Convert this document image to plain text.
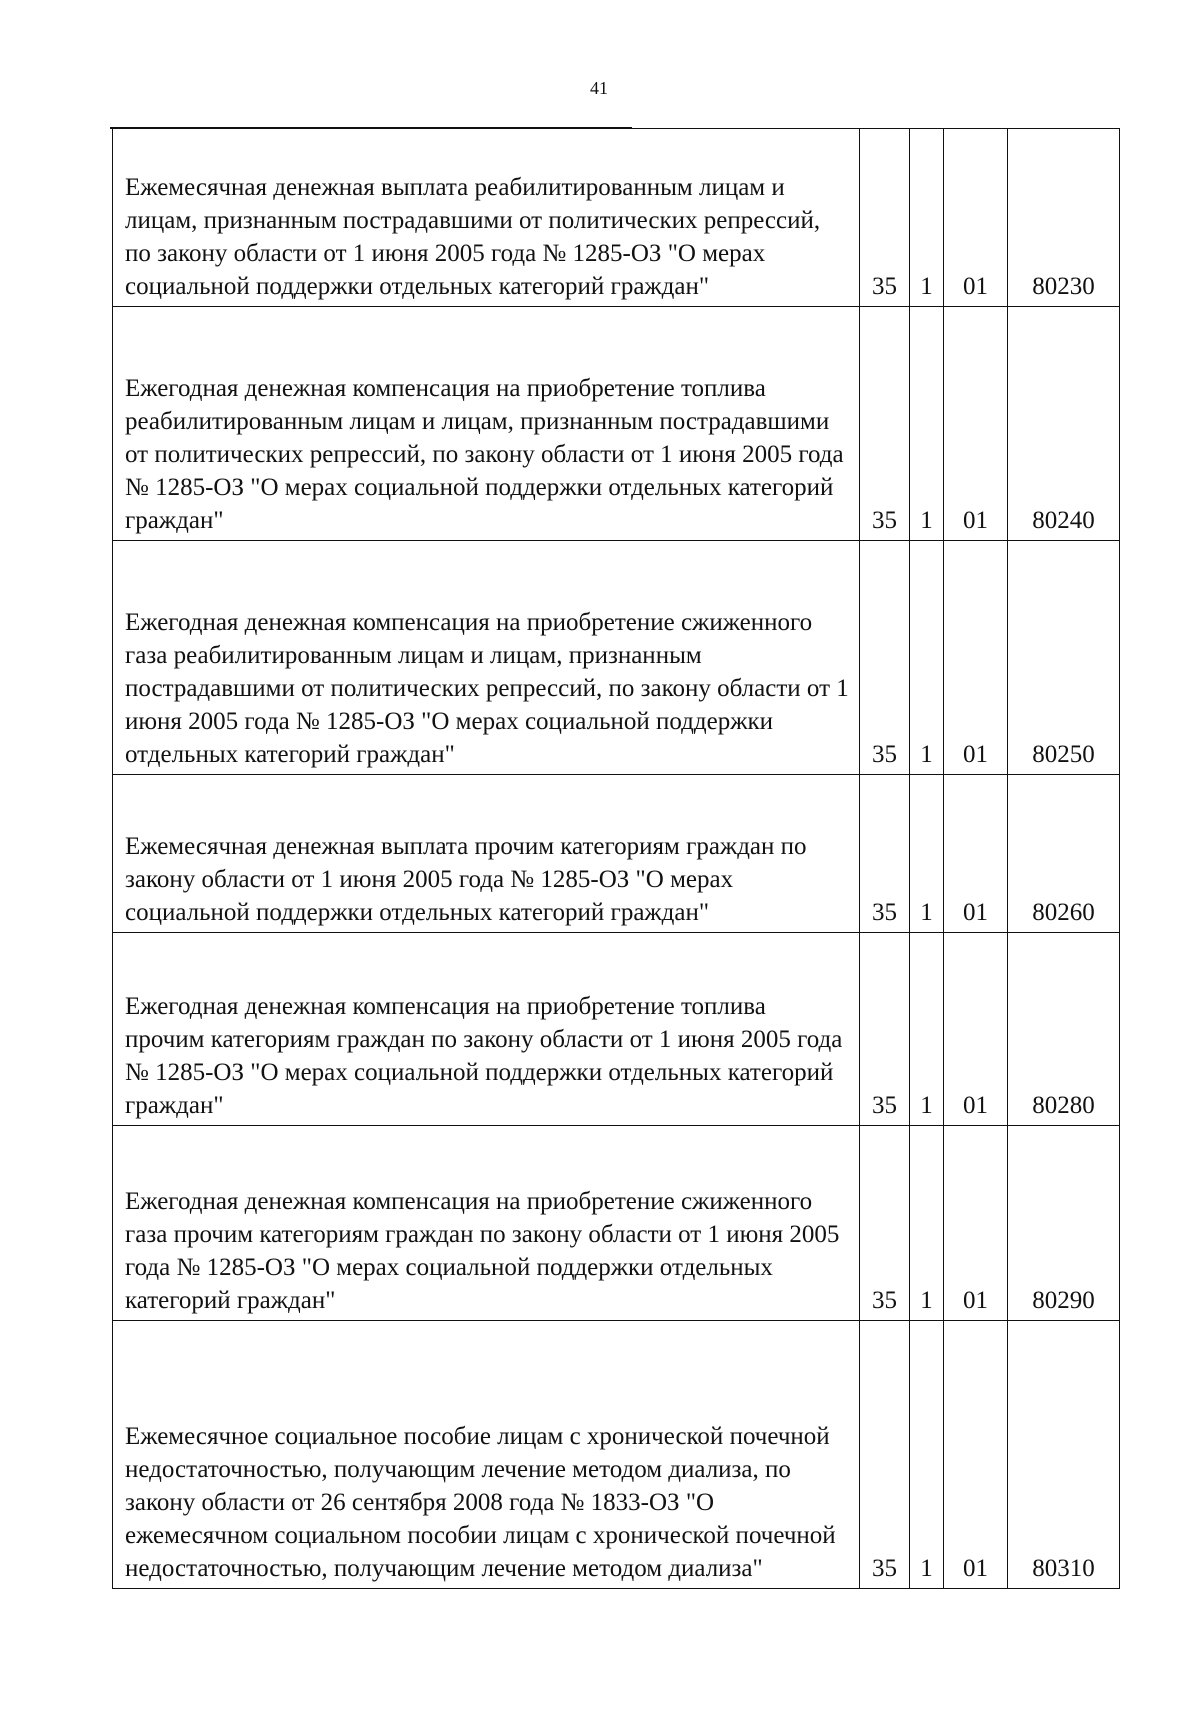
41
Ежемесячная денежная выплата реабилитированным лицам и лицам, признанным пострадавшими от политических репрессий, по закону области от 1 июня 2005 года № 1285-ОЗ "О мерах социальной поддержки отдельных категорий граждан"	35	1	01	80230
Ежегодная денежная компенсация на приобретение топлива реабилитированным лицам и лицам, признанным пострадавшими от политических репрессий, по закону области от 1 июня 2005 года № 1285-ОЗ "О мерах социальной поддержки отдельных категорий граждан"	35	1	01	80240
Ежегодная денежная компенсация на приобретение сжиженного газа реабилитированным лицам и лицам, признанным пострадавшими от политических репрессий, по закону области от 1 июня 2005 года № 1285-ОЗ "О мерах социальной поддержки отдельных категорий граждан"	35	1	01	80250
Ежемесячная денежная выплата прочим категориям граждан по закону области от 1 июня 2005 года № 1285-ОЗ "О мерах социальной поддержки отдельных категорий граждан"	35	1	01	80260
Ежегодная денежная компенсация на приобретение топлива прочим категориям граждан по закону области от 1 июня 2005 года № 1285-ОЗ "О мерах социальной поддержки отдельных категорий граждан"	35	1	01	80280
Ежегодная денежная компенсация на приобретение сжиженного газа прочим категориям граждан по закону области от 1 июня 2005 года № 1285-ОЗ "О мерах социальной поддержки отдельных категорий граждан"	35	1	01	80290
Ежемесячное социальное пособие лицам с хронической почечной недостаточностью, получающим лечение методом диализа, по закону области от 26 сентября 2008 года № 1833-ОЗ "О ежемесячном социальном пособии лицам с хронической почечной недостаточностью, получающим лечение методом диализа"	35	1	01	80310
